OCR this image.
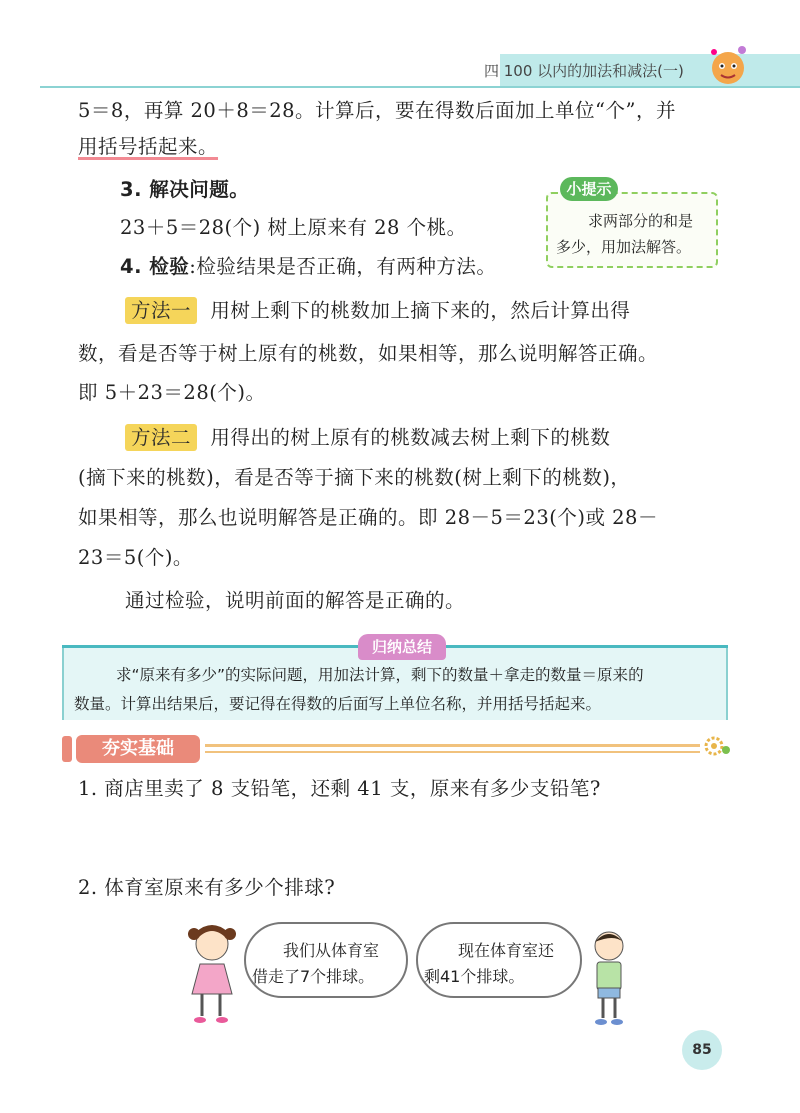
四 100 以内的加法和减法(一)
5＝8，再算 20＋8＝28。计算后，要在得数后面加上单位“个”，并
用括号括起来。
3. 解决问题。
23＋5＝28(个) 树上原来有 28 个桃。
4. 检验:检验结果是否正确，有两种方法。
小提示
求两部分的和是
多少，用加法解答。
方法一 用树上剩下的桃数加上摘下来的，然后计算出得
数，看是否等于树上原有的桃数，如果相等，那么说明解答正确。
即 5＋23＝28(个)。
方法二 用得出的树上原有的桃数减去树上剩下的桃数
(摘下来的桃数)，看是否等于摘下来的桃数(树上剩下的桃数)，
如果相等，那么也说明解答是正确的。即 28－5＝23(个)或 28－
23＝5(个)。
通过检验，说明前面的解答是正确的。
归纳总结
求“原来有多少”的实际问题，用加法计算，剩下的数量＋拿走的数量＝原来的
数量。计算出结果后，要记得在得数的后面写上单位名称，并用括号括起来。
夯实基础
1. 商店里卖了 8 支铅笔，还剩 41 支，原来有多少支铅笔?
2. 体育室原来有多少个排球?
我们从体育室
借走了7个排球。
现在体育室还
剩41个排球。
85
